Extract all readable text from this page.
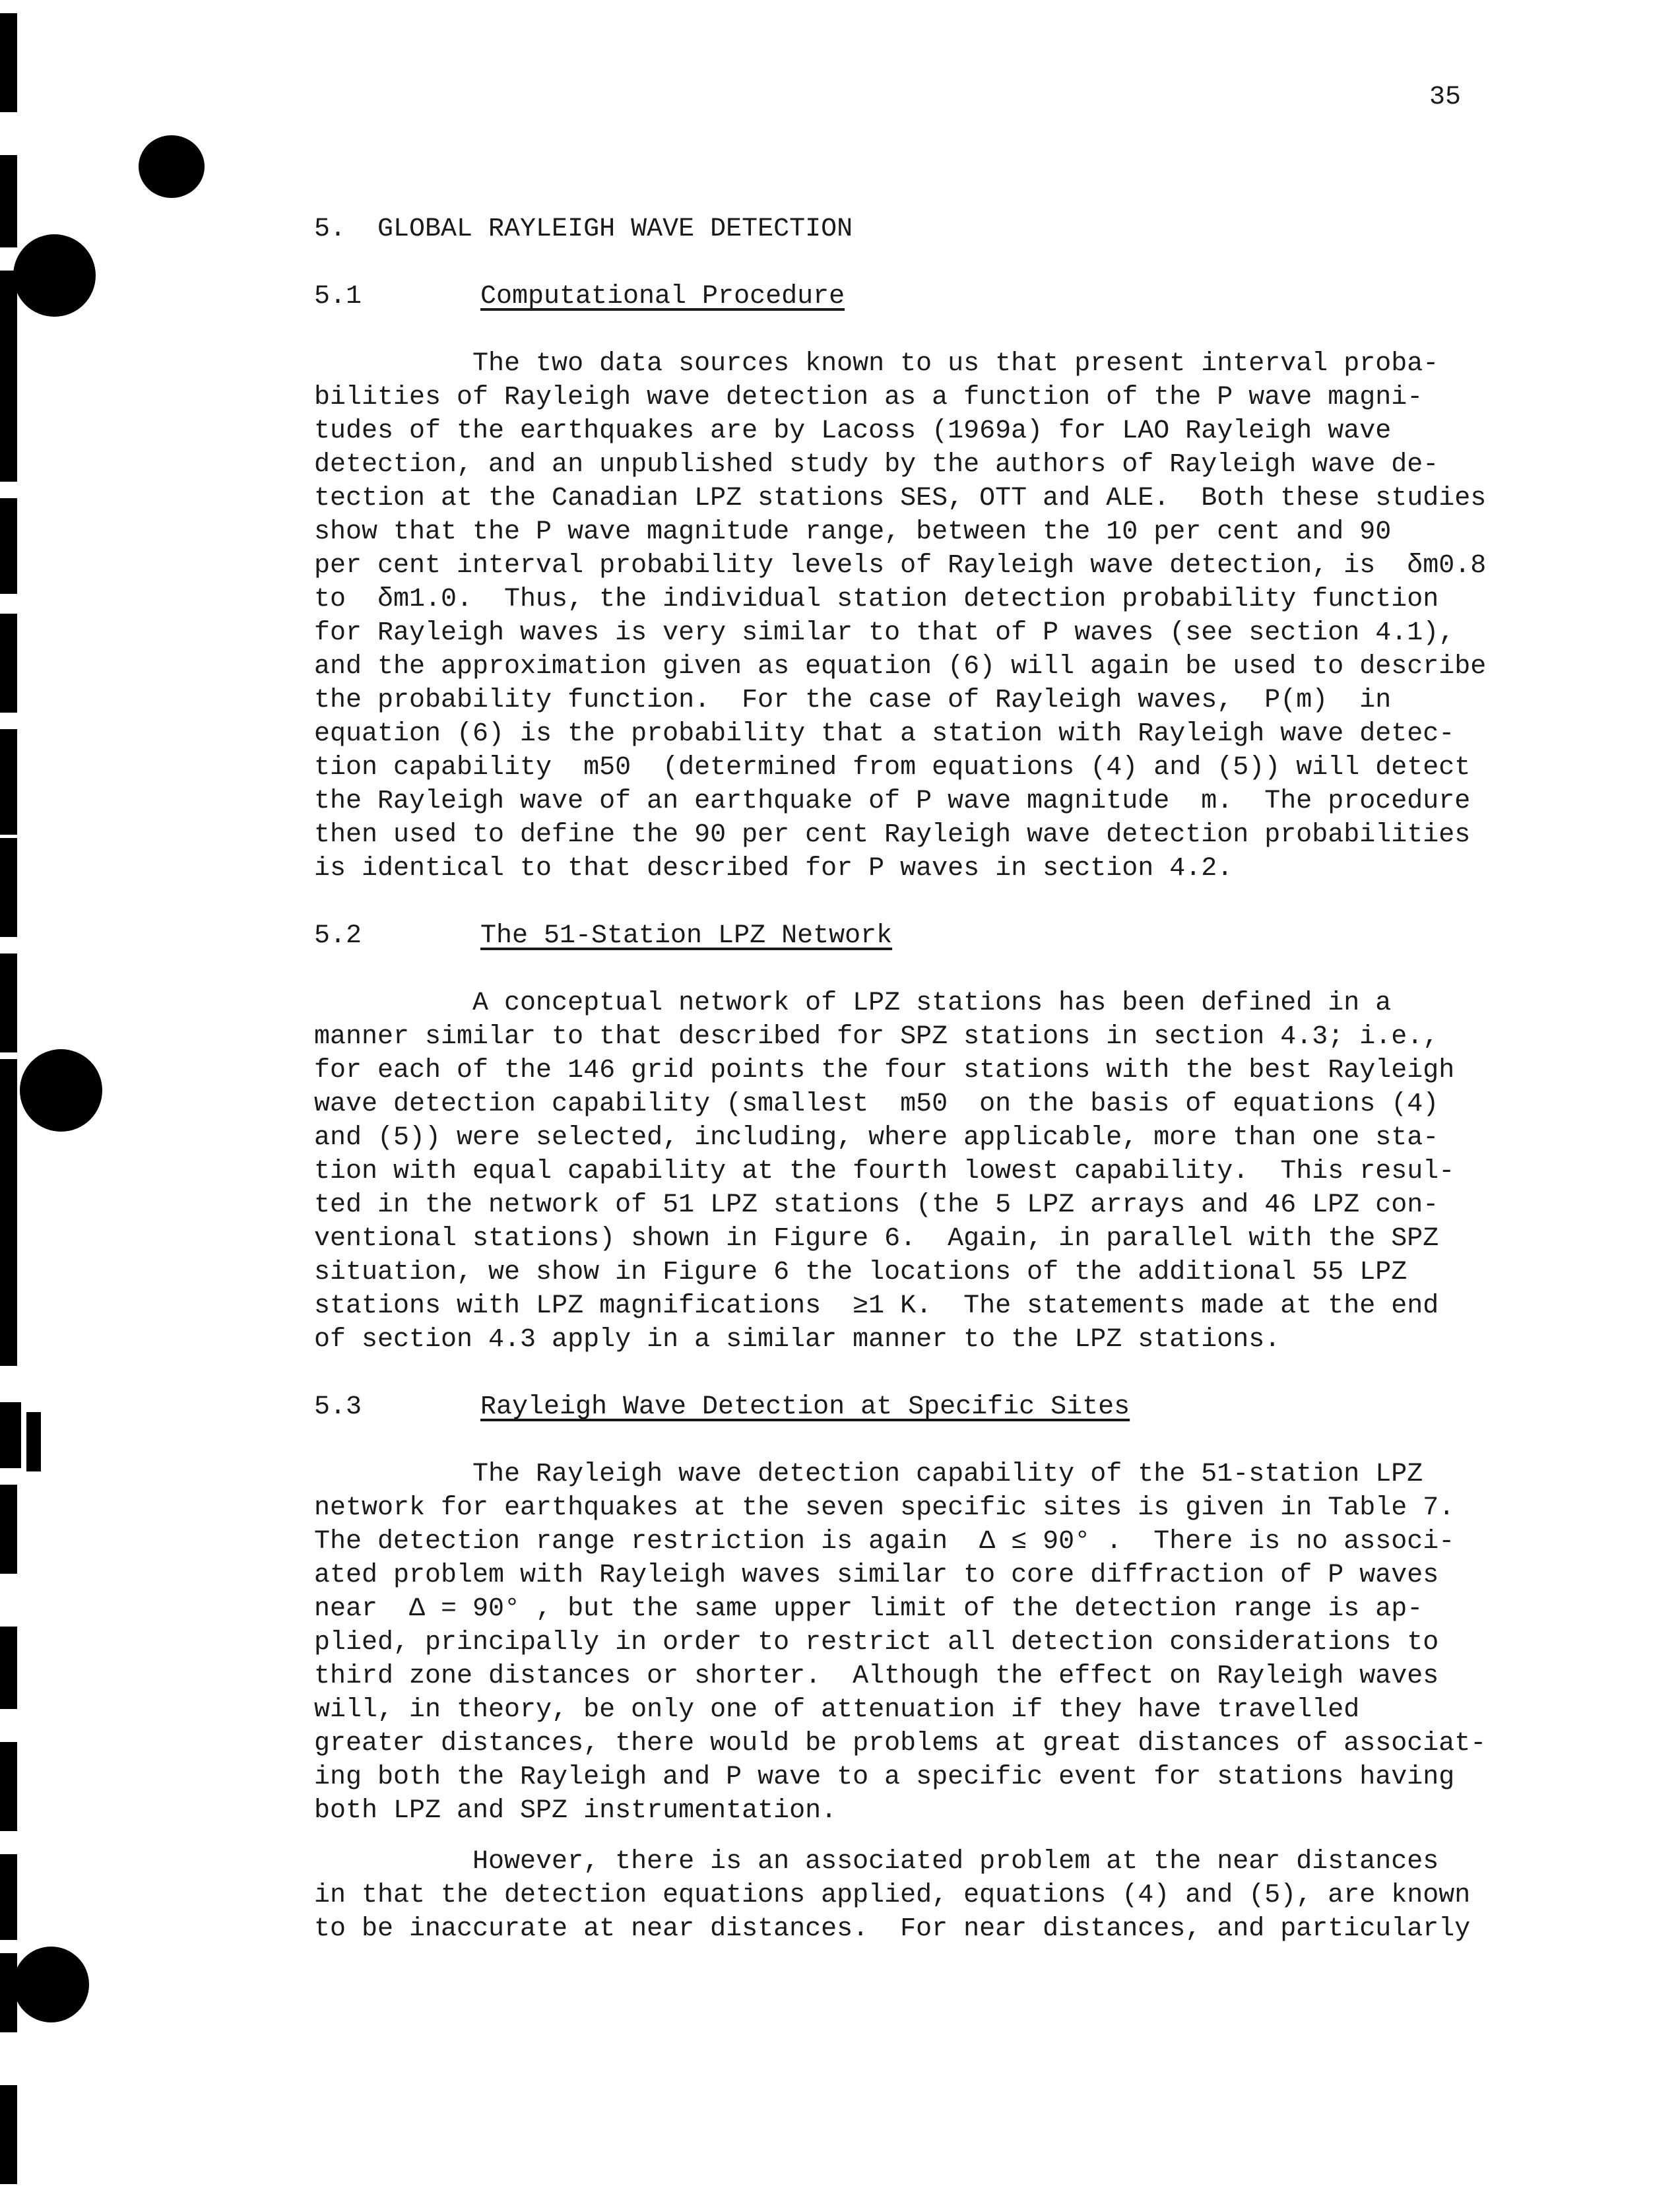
35
5.  GLOBAL RAYLEIGH WAVE DETECTION
5.1	Computational Procedure
The two data sources known to us that present interval proba-
bilities of Rayleigh wave detection as a function of the P wave magni-
tudes of the earthquakes are by Lacoss (1969a) for LAO Rayleigh wave
detection, and an unpublished study by the authors of Rayleigh wave de-
tection at the Canadian LPZ stations SES, OTT and ALE.  Both these studies
show that the P wave magnitude range, between the 10 per cent and 90
per cent interval probability levels of Rayleigh wave detection, is  δm0.8
to  δm1.0.  Thus, the individual station detection probability function
for Rayleigh waves is very similar to that of P waves (see section 4.1),
and the approximation given as equation (6) will again be used to describe
the probability function.  For the case of Rayleigh waves,  P(m)  in
equation (6) is the probability that a station with Rayleigh wave detec-
tion capability  m50  (determined from equations (4) and (5)) will detect
the Rayleigh wave of an earthquake of P wave magnitude  m.  The procedure
then used to define the 90 per cent Rayleigh wave detection probabilities
is identical to that described for P waves in section 4.2.
5.2	The 51-Station LPZ Network
A conceptual network of LPZ stations has been defined in a
manner similar to that described for SPZ stations in section 4.3; i.e.,
for each of the 146 grid points the four stations with the best Rayleigh
wave detection capability (smallest  m50  on the basis of equations (4)
and (5)) were selected, including, where applicable, more than one sta-
tion with equal capability at the fourth lowest capability.  This resul-
ted in the network of 51 LPZ stations (the 5 LPZ arrays and 46 LPZ con-
ventional stations) shown in Figure 6.  Again, in parallel with the SPZ
situation, we show in Figure 6 the locations of the additional 55 LPZ
stations with LPZ magnifications  ≥1 K.  The statements made at the end
of section 4.3 apply in a similar manner to the LPZ stations.
5.3	Rayleigh Wave Detection at Specific Sites
The Rayleigh wave detection capability of the 51-station LPZ
network for earthquakes at the seven specific sites is given in Table 7.
The detection range restriction is again  Δ ≤ 90° .  There is no associ-
ated problem with Rayleigh waves similar to core diffraction of P waves
near  Δ = 90° , but the same upper limit of the detection range is ap-
plied, principally in order to restrict all detection considerations to
third zone distances or shorter.  Although the effect on Rayleigh waves
will, in theory, be only one of attenuation if they have travelled
greater distances, there would be problems at great distances of associat-
ing both the Rayleigh and P wave to a specific event for stations having
both LPZ and SPZ instrumentation.
However, there is an associated problem at the near distances
in that the detection equations applied, equations (4) and (5), are known
to be inaccurate at near distances.  For near distances, and particularly
